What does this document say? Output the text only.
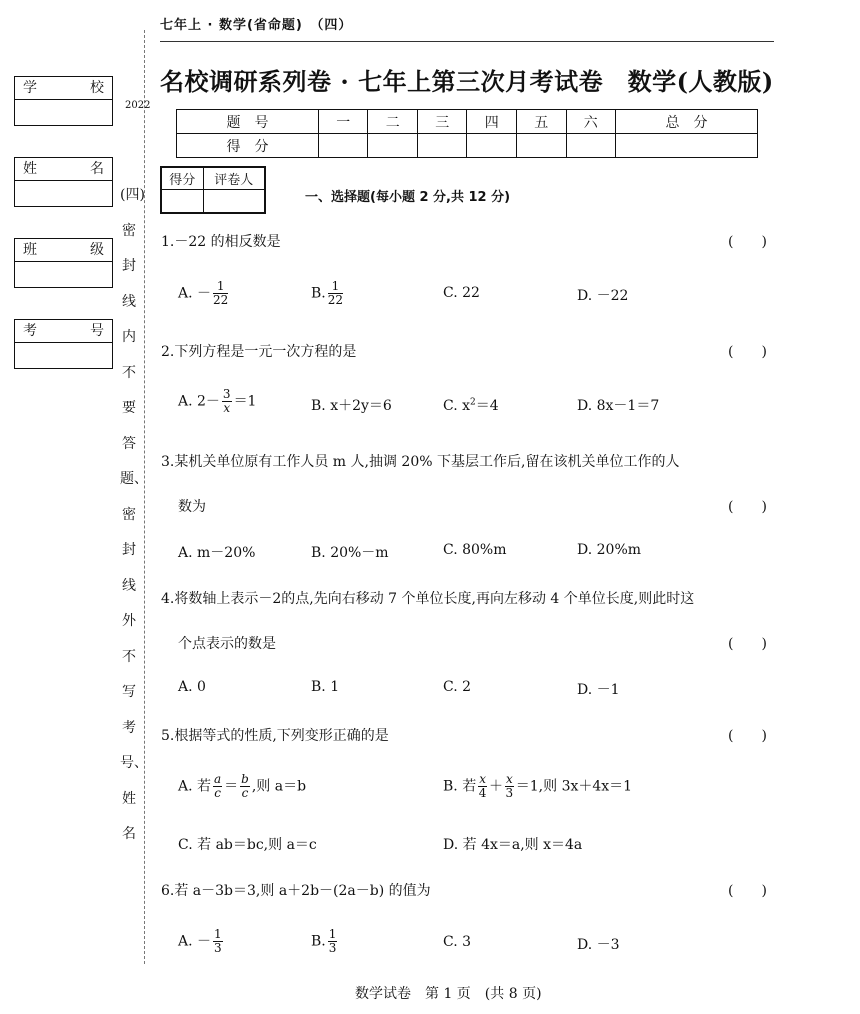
七年上 · 数学(省命题)　（四）
学	校
姓	名
班	级
考	号
2022
(四)密封线内不要答题、密封线外不写考号、姓名
名校调研系列卷 · 七年上第三次月考试卷　数学(人教版)
题　号	一	二	三	四	五	六	总　分
得　分							
得分	评卷人

一、选择题(每小题 2 分,共 12 分)
1.－22 的相反数是	(　　)
A. － $\frac{1}{22}$	B. $\frac{1}{22}$	C. 22	D. －22
2.下列方程是一元一次方程的是	(　　)
A. $2- \frac{3}{x} =1$	B. x＋2y＝6	C. $x^2=4$	D. 8x－1＝7
3.某机关单位原有工作人员 m 人,抽调 20% 下基层工作后,留在该机关单位工作的人
数为	(　　)
A. m－20%	B. 20%－m	C. 80%m	D. 20%m
4.将数轴上表示－2的点,先向右移动 7 个单位长度,再向左移动 4 个单位长度,则此时这
个点表示的数是	(　　)
A. 0	B. 1	C. 2	D. －1
5.根据等式的性质,下列变形正确的是	(　　)
A. 若 $\frac{a}{c} = \frac{b}{c}$ ,则 a＝b	B. 若 $\frac{x}{4} + \frac{x}{3} =1$,则 3x＋4x＝1
C. 若 ab＝bc,则 a＝c	D. 若 4x＝a,则 x＝4a
6.若 a－3b＝3,则 a＋2b－(2a－b) 的值为	(　　)
A. － $\frac{1}{3}$	B. $\frac{1}{3}$	C. 3	D. －3
数学试卷　第 1 页　(共 8 页)
